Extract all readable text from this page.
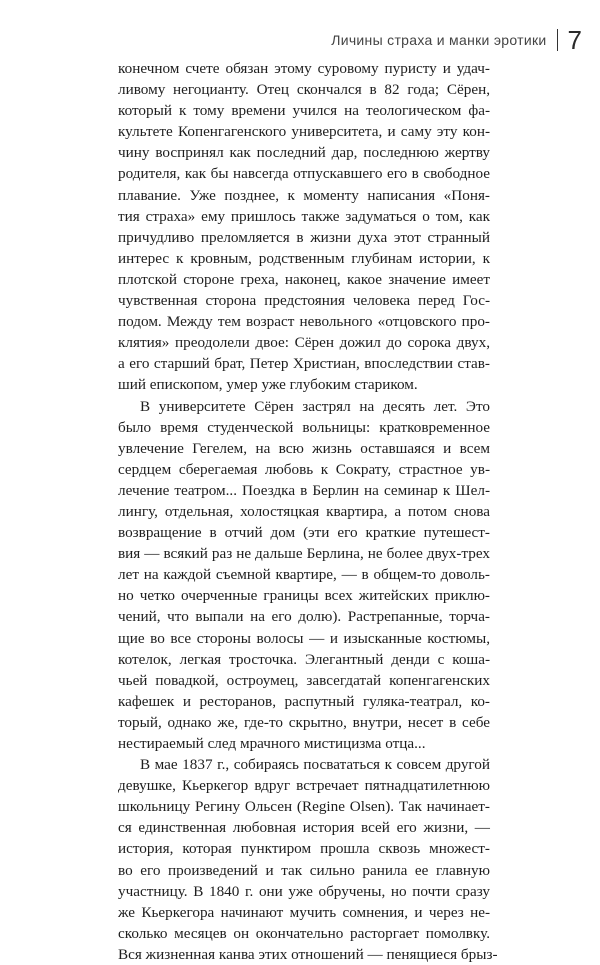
Личины страха и манки эротики 7
конечном счете обязан этому суровому пуристу и удач-
ливому негоцианту. Отец скончался в 82 года; Сёрен,
который к тому времени учился на теологическом фа-
культете Копенгагенского университета, и саму эту кон-
чину воспринял как последний дар, последнюю жертву
родителя, как бы навсегда отпускавшего его в свободное
плавание. Уже позднее, к моменту написания «Поня-
тия страха» ему пришлось также задуматься о том, как
причудливо преломляется в жизни духа этот странный
интерес к кровным, родственным глубинам истории, к
плотской стороне греха, наконец, какое значение имеет
чувственная сторона предстояния человека перед Гос-
подом. Между тем возраст невольного «отцовского про-
клятия» преодолели двое: Сёрен дожил до сорока двух,
а его старший брат, Петер Христиан, впоследствии став-
ший епископом, умер уже глубоким стариком.
В университете Сёрен застрял на десять лет. Это
было время студенческой вольницы: кратковременное
увлечение Гегелем, на всю жизнь оставшаяся и всем
сердцем сберегаемая любовь к Сократу, страстное ув-
лечение театром... Поездка в Берлин на семинар к Шел-
лингу, отдельная, холостяцкая квартира, а потом снова
возвращение в отчий дом (эти его краткие путешест-
вия — всякий раз не дальше Берлина, не более двух-трех
лет на каждой съемной квартире, — в общем-то доволь-
но четко очерченные границы всех житейских приклю-
чений, что выпали на его долю). Растрепанные, торча-
щие во все стороны волосы — и изысканные костюмы,
котелок, легкая тросточка. Элегантный денди с коша-
чьей повадкой, остроумец, завсегдатай копенгагенских
кафешек и ресторанов, распутный гуляка-театрал, ко-
торый, однако же, где-то скрытно, внутри, несет в себе
нестираемый след мрачного мистицизма отца...
В мае 1837 г., собираясь посвататься к совсем другой
девушке, Кьеркегор вдруг встречает пятнадцатилетнюю
школьницу Регину Ольсен (Regine Olsen). Так начинает-
ся единственная любовная история всей его жизни, —
история, которая пунктиром прошла сквозь множест-
во его произведений и так сильно ранила ее главную
участницу. В 1840 г. они уже обручены, но почти сразу
же Кьеркегора начинают мучить сомнения, и через не-
сколько месяцев он окончательно расторгает помолвку.
Вся жизненная канва этих отношений — пенящиеся брыз-
